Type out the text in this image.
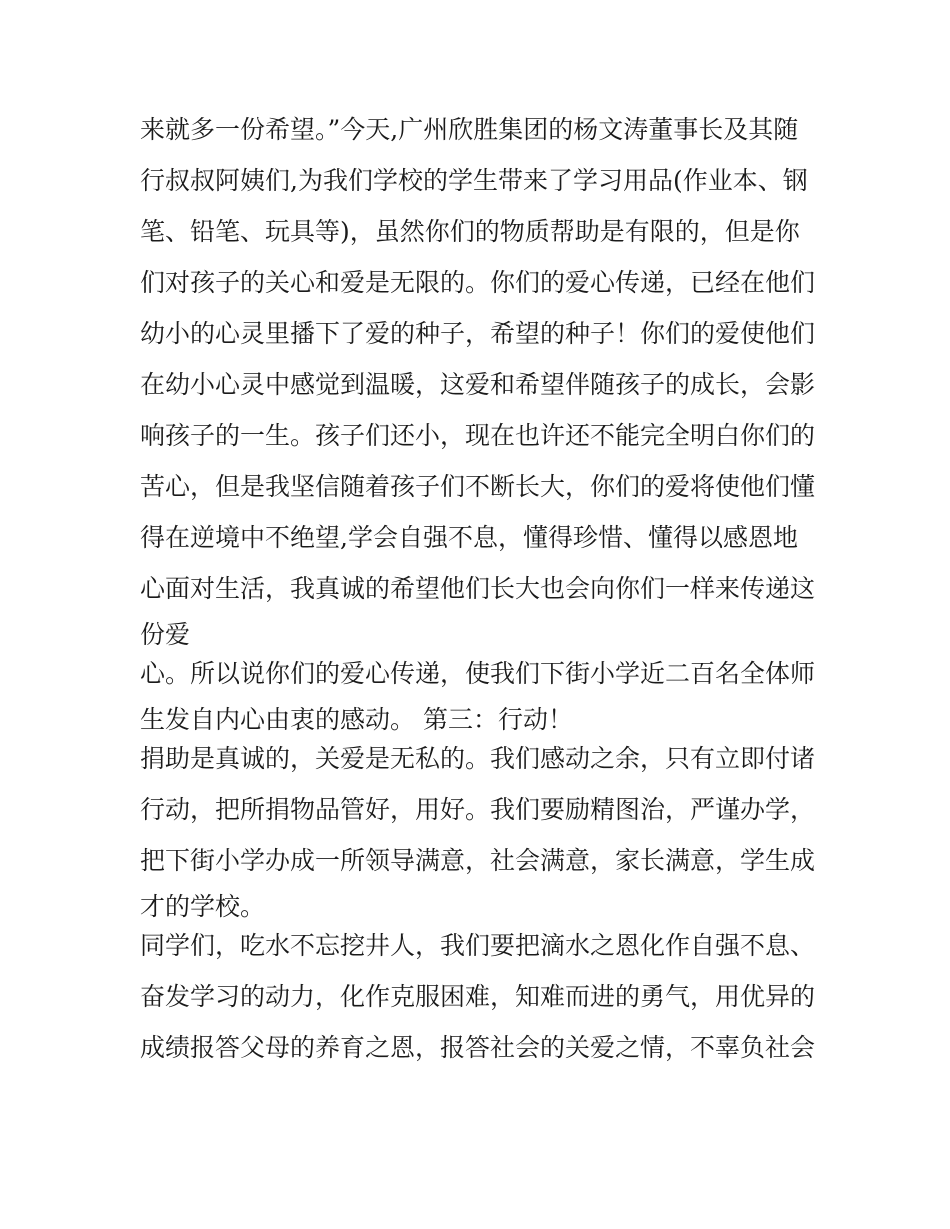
来就多一份希望。”今天,广州欣胜集团的杨文涛董事长及其随
行叔叔阿姨们,为我们学校的学生带来了学习用品(作业本、钢
笔、铅笔、玩具等)，虽然你们的物质帮助是有限的，但是你
们对孩子的关心和爱是无限的。你们的爱心传递，已经在他们
幼小的心灵里播下了爱的种子，希望的种子！你们的爱使他们
在幼小心灵中感觉到温暖，这爱和希望伴随孩子的成长，会影
响孩子的一生。孩子们还小，现在也许还不能完全明白你们的
苦心，但是我坚信随着孩子们不断长大，你们的爱将使他们懂
得在逆境中不绝望,学会自强不息，懂得珍惜、懂得以感恩地
心面对生活，我真诚的希望他们长大也会向你们一样来传递这
份爱
心。所以说你们的爱心传递，使我们下街小学近二百名全体师
生发自内心由衷的感动。 第三：行动！
捐助是真诚的，关爱是无私的。我们感动之余，只有立即付诸
行动，把所捐物品管好，用好。我们要励精图治，严谨办学，
把下街小学办成一所领导满意，社会满意，家长满意，学生成
才的学校。
同学们，吃水不忘挖井人，我们要把滴水之恩化作自强不息、
奋发学习的动力，化作克服困难，知难而进的勇气，用优异的
成绩报答父母的养育之恩，报答社会的关爱之情，不辜负社会
